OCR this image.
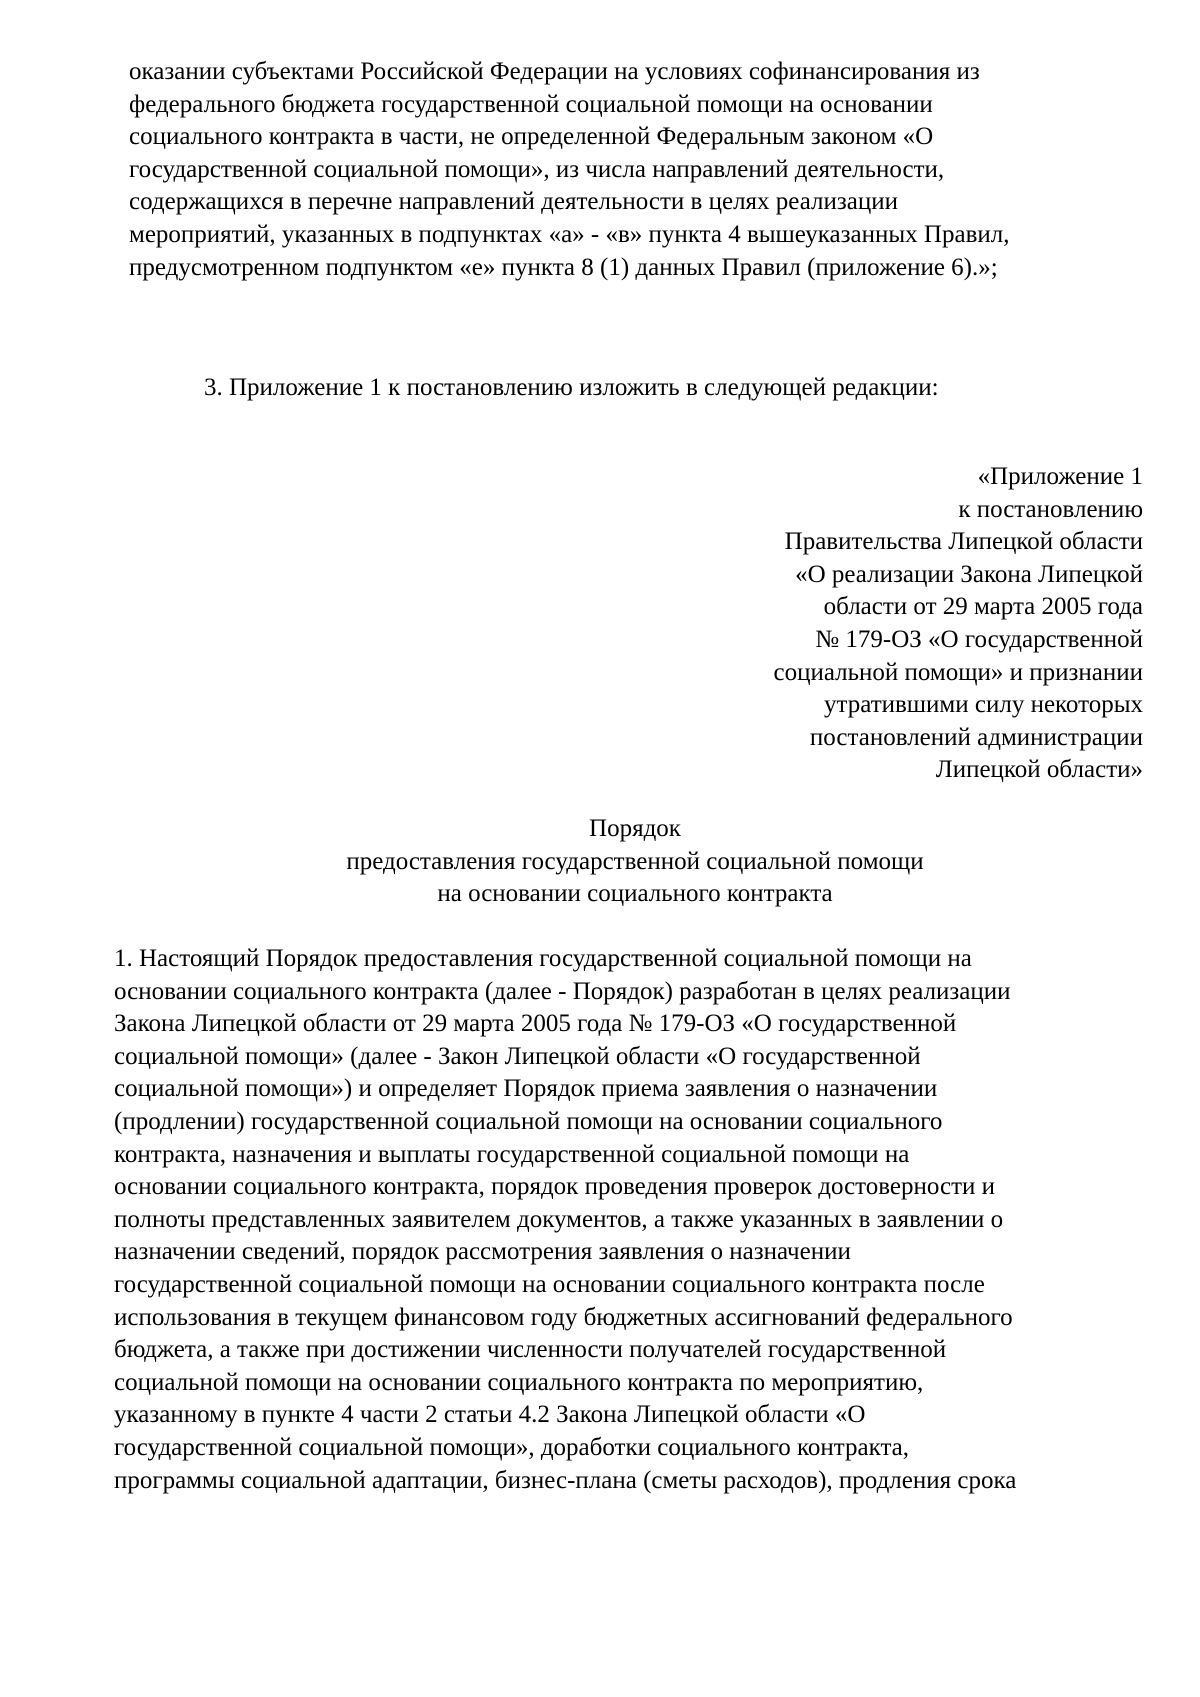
оказании субъектами Российской Федерации на условиях софинансирования из
федерального бюджета государственной социальной помощи на основании
социального контракта в части, не определенной Федеральным законом «О
государственной социальной помощи», из числа направлений деятельности,
содержащихся в перечне направлений деятельности в целях реализации
мероприятий, указанных в подпунктах «а» - «в» пункта 4 вышеуказанных Правил,
предусмотренном подпунктом «е» пункта 8 (1) данных Правил (приложение 6).»;

3. Приложение 1 к постановлению изложить в следующей редакции:

«Приложение 1
к постановлению
Правительства Липецкой области
«О реализации Закона Липецкой
области от 29 марта 2005 года
№ 179-ОЗ «О государственной
социальной помощи» и признании
утратившими силу некоторых
постановлений администрации
Липецкой области»

Порядок
предоставления государственной социальной помощи
на основании социального контракта

1. Настоящий Порядок предоставления государственной социальной помощи на
основании социального контракта (далее - Порядок) разработан в целях реализации
Закона Липецкой области от 29 марта 2005 года № 179-ОЗ «О государственной
социальной помощи» (далее - Закон Липецкой области «О государственной
социальной помощи») и определяет Порядок приема заявления о назначении
(продлении) государственной социальной помощи на основании социального
контракта, назначения и выплаты государственной социальной помощи на
основании социального контракта, порядок проведения проверок достоверности и
полноты представленных заявителем документов, а также указанных в заявлении о
назначении сведений, порядок рассмотрения заявления о назначении
государственной социальной помощи на основании социального контракта после
использования в текущем финансовом году бюджетных ассигнований федерального
бюджета, а также при достижении численности получателей государственной
социальной помощи на основании социального контракта по мероприятию,
указанному в пункте 4 части 2 статьи 4.2 Закона Липецкой области «О
государственной социальной помощи», доработки социального контракта,
программы социальной адаптации, бизнес-плана (сметы расходов), продления срока
